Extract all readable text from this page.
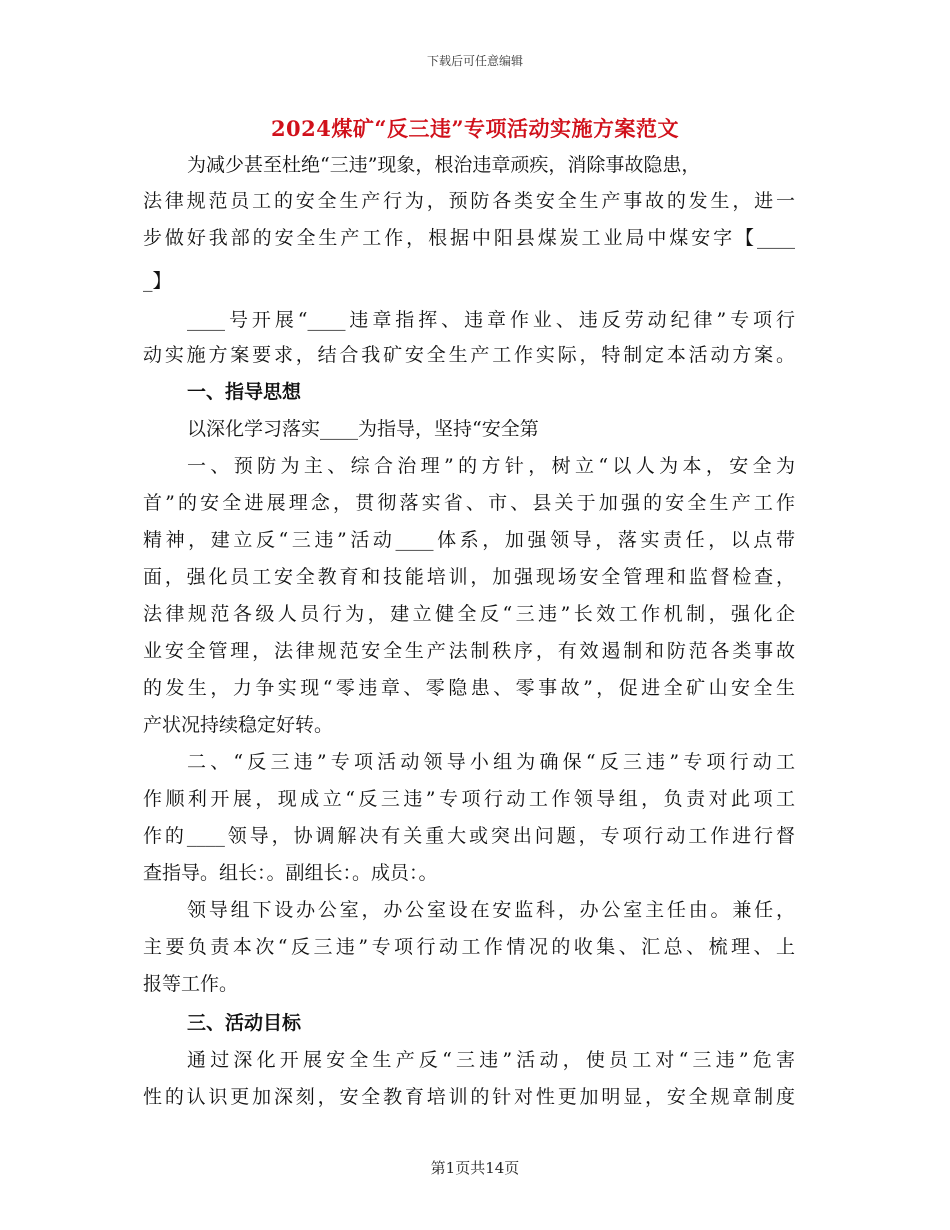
下载后可任意编辑
2024煤矿“反三违”专项活动实施方案范文
为减少甚至杜绝“三违”现象，根治违章顽疾，消除事故隐患，
法律规范员工的安全生产行为，预防各类安全生产事故的发生，进一
步做好我部的安全生产工作，根据中阳县煤炭工业局中煤安字【____
_】
____号开展“____违章指挥、违章作业、违反劳动纪律”专项行
动实施方案要求，结合我矿安全生产工作实际，特制定本活动方案。
一、指导思想
以深化学习落实____为指导，坚持“安全第
一、预防为主、综合治理”的方针，树立“以人为本，安全为
首”的安全进展理念，贯彻落实省、市、县关于加强的安全生产工作
精神，建立反“三违”活动____体系，加强领导，落实责任，以点带
面，强化员工安全教育和技能培训，加强现场安全管理和监督检查，
法律规范各级人员行为，建立健全反“三违”长效工作机制，强化企
业安全管理，法律规范安全生产法制秩序，有效遏制和防范各类事故
的发生，力争实现“零违章、零隐患、零事故”，促进全矿山安全生
产状况持续稳定好转。
二、“反三违”专项活动领导小组为确保“反三违”专项行动工
作顺利开展，现成立“反三违”专项行动工作领导组，负责对此项工
作的____领导，协调解决有关重大或突出问题，专项行动工作进行督
查指导。组长：。副组长：。成员：。
领导组下设办公室，办公室设在安监科，办公室主任由。兼任，
主要负责本次“反三违”专项行动工作情况的收集、汇总、梳理、上
报等工作。
三、活动目标
通过深化开展安全生产反“三违”活动，使员工对“三违”危害
性的认识更加深刻，安全教育培训的针对性更加明显，安全规章制度
第1页共14页
